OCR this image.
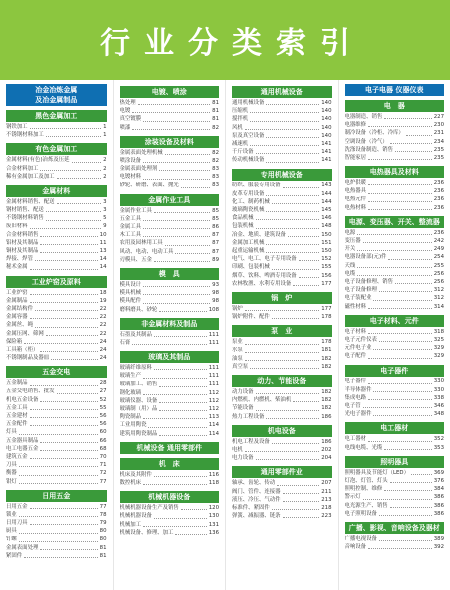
行业分类索引
冶金冶炼金属
及冶金属制品
黑色金属加工
钢铁加工	1
不锈钢材料加工	1
有色金属加工
金属材料(有色)冶炼及压延	2
合金材料加工	2
稀有金属加工及加工	2
金属材料
金属材料销售、配送	3
钢材销售、配送	3
不锈钢材料销售	5
废旧材料	9
合金材料销售	10
铝材及其制品	11
铜材及其制品	13
焊接、焊管	14
秘术金属	14
工业炉窑及原料
工业炉窑	18
金属制品	19
金属结构件	22
金属容器	22
金属丝、绳	22
金属压网、筛网	22
保险箱	24
工具箱（柜）	24
不锈钢制品及器皿	24
五金交电
五金制品	28
五金交电销售、批发	27
机电五金设备	52
五金工具	55
五金建材	56
五金配件	56
灯具	60
五金器具制品	66
电工电器五金	68
建筑五金	70
刀具	71
衡器	72
钳灯	77
日用五金
日用五金	77
锁业	78
日用刀具	79
厨具	80
钉螺	80
金属表面处理	81
紧固件	81
电镀、喷涂
热处理	81
电镀	81
真空镀膜	81
喷漆	82
涂装设备及材料
金属表面处理机械	82
喷涂设备	82
金属表面处理剂	83
电镀材料	83
砂轮、研磨、表面、抛光	83
金属作业工具
金属作业工具	85
五金工具	85
金属工具	86
木工工具	87
农用及园林用工具	87
风动、电动、电动工具	87
刃模具、五金	89
模　具
模具设计	93
模具机械	98
模具配件	98
磨料磨具、砂轮	108
非金属材料及制品
石墨及其制品	111
石膏	111
玻璃及其制品
玻璃纤维原料	111
玻璃生产	111
玻璃加工、销售	111
钢化玻璃	112
玻璃仪器、设备	112
玻璃制（用）品	112
陶瓷制品	113
工业用陶瓷	114
建筑用陶瓷制品	114
机械设备 通用零部件
机　床
机床及其附件	116
数控机床	118
机械机器设备
机械机器设备生产及销售	120
机械机器设备	130
机械加工	131
机械设备、修理、加工	136
通用机械设备
通用机械设备	140
压缩机	140
搅拌机	140
风机	140
泵及真空设备	140
减速机	141
千斤设备	141
传动机械设备	141
专用机械设备
纺织、服装专用设备	143
皮革专用设备	144
化工、制药机械	144
玻璃陶瓷机械	145
食品机械	146
包装机械	148
冶金、地质、建筑设备	150
金属加工机械	151
起重运输机械	150
电气、电工、电子专用设备	152
印刷、包装机械	155
烟草、饮料、啤酒专用设备	156
农林牧渔、水利专用设备	177
锅　炉
锅炉	177
锅炉附件、配件	178
泵　业
泵业	178
水泵	181
油泵	182
真空泵	182
动力、节能设备
动力设备	182
内燃机、内燃机、柴油机	182
节能设备	182
热力工程设备	186
机电设备
机电工程及设备	186
电机	202
电力设备	204
通用零部件业
轴承、齿轮、传动	207
阀门、管件、连接器	211
液压、冷压、气动件	213
标准件、紧固件	218
弹簧、减振器、链条	223
电子电器 仪器仪表
电　器
电器制造、销售	227
电器维修	230
制冷设备（冷柜、冷库）	231
空调设备（冷气）	234
洗涤设备制造、销售	235
智能家居	235
电热器具及材料
电炉供暖	236
电热器具	236
电热元件	236
电热材料	236
电源、变压器、开关、整流器
电源	236
变压器	242
开关	249
电器设备部(元)件	254
天线	255
电缆	256
电子设备修理、销售	256
电子设备修理	312
电子装配业	312
磁性材料	314
电子材料、元件
电子材料	318
电子元件仪表	325
元件电子业	329
电子配件	329
电子器件
电子器件	330
半导体器件	330
集成电路	338
电子管	346
光电子器件	348
电工器材
电工器材	352
电线电缆、光缆	353
照明器具
照明器具及节能灯（LED）	369
灯泡、灯管、灯头	376
照明控制、维修	384
警示灯	386
电光源生产、销售	386
电子照明设备	386
广播、影视、音响设备及器材
广播电视设备	389
音响设备	392
